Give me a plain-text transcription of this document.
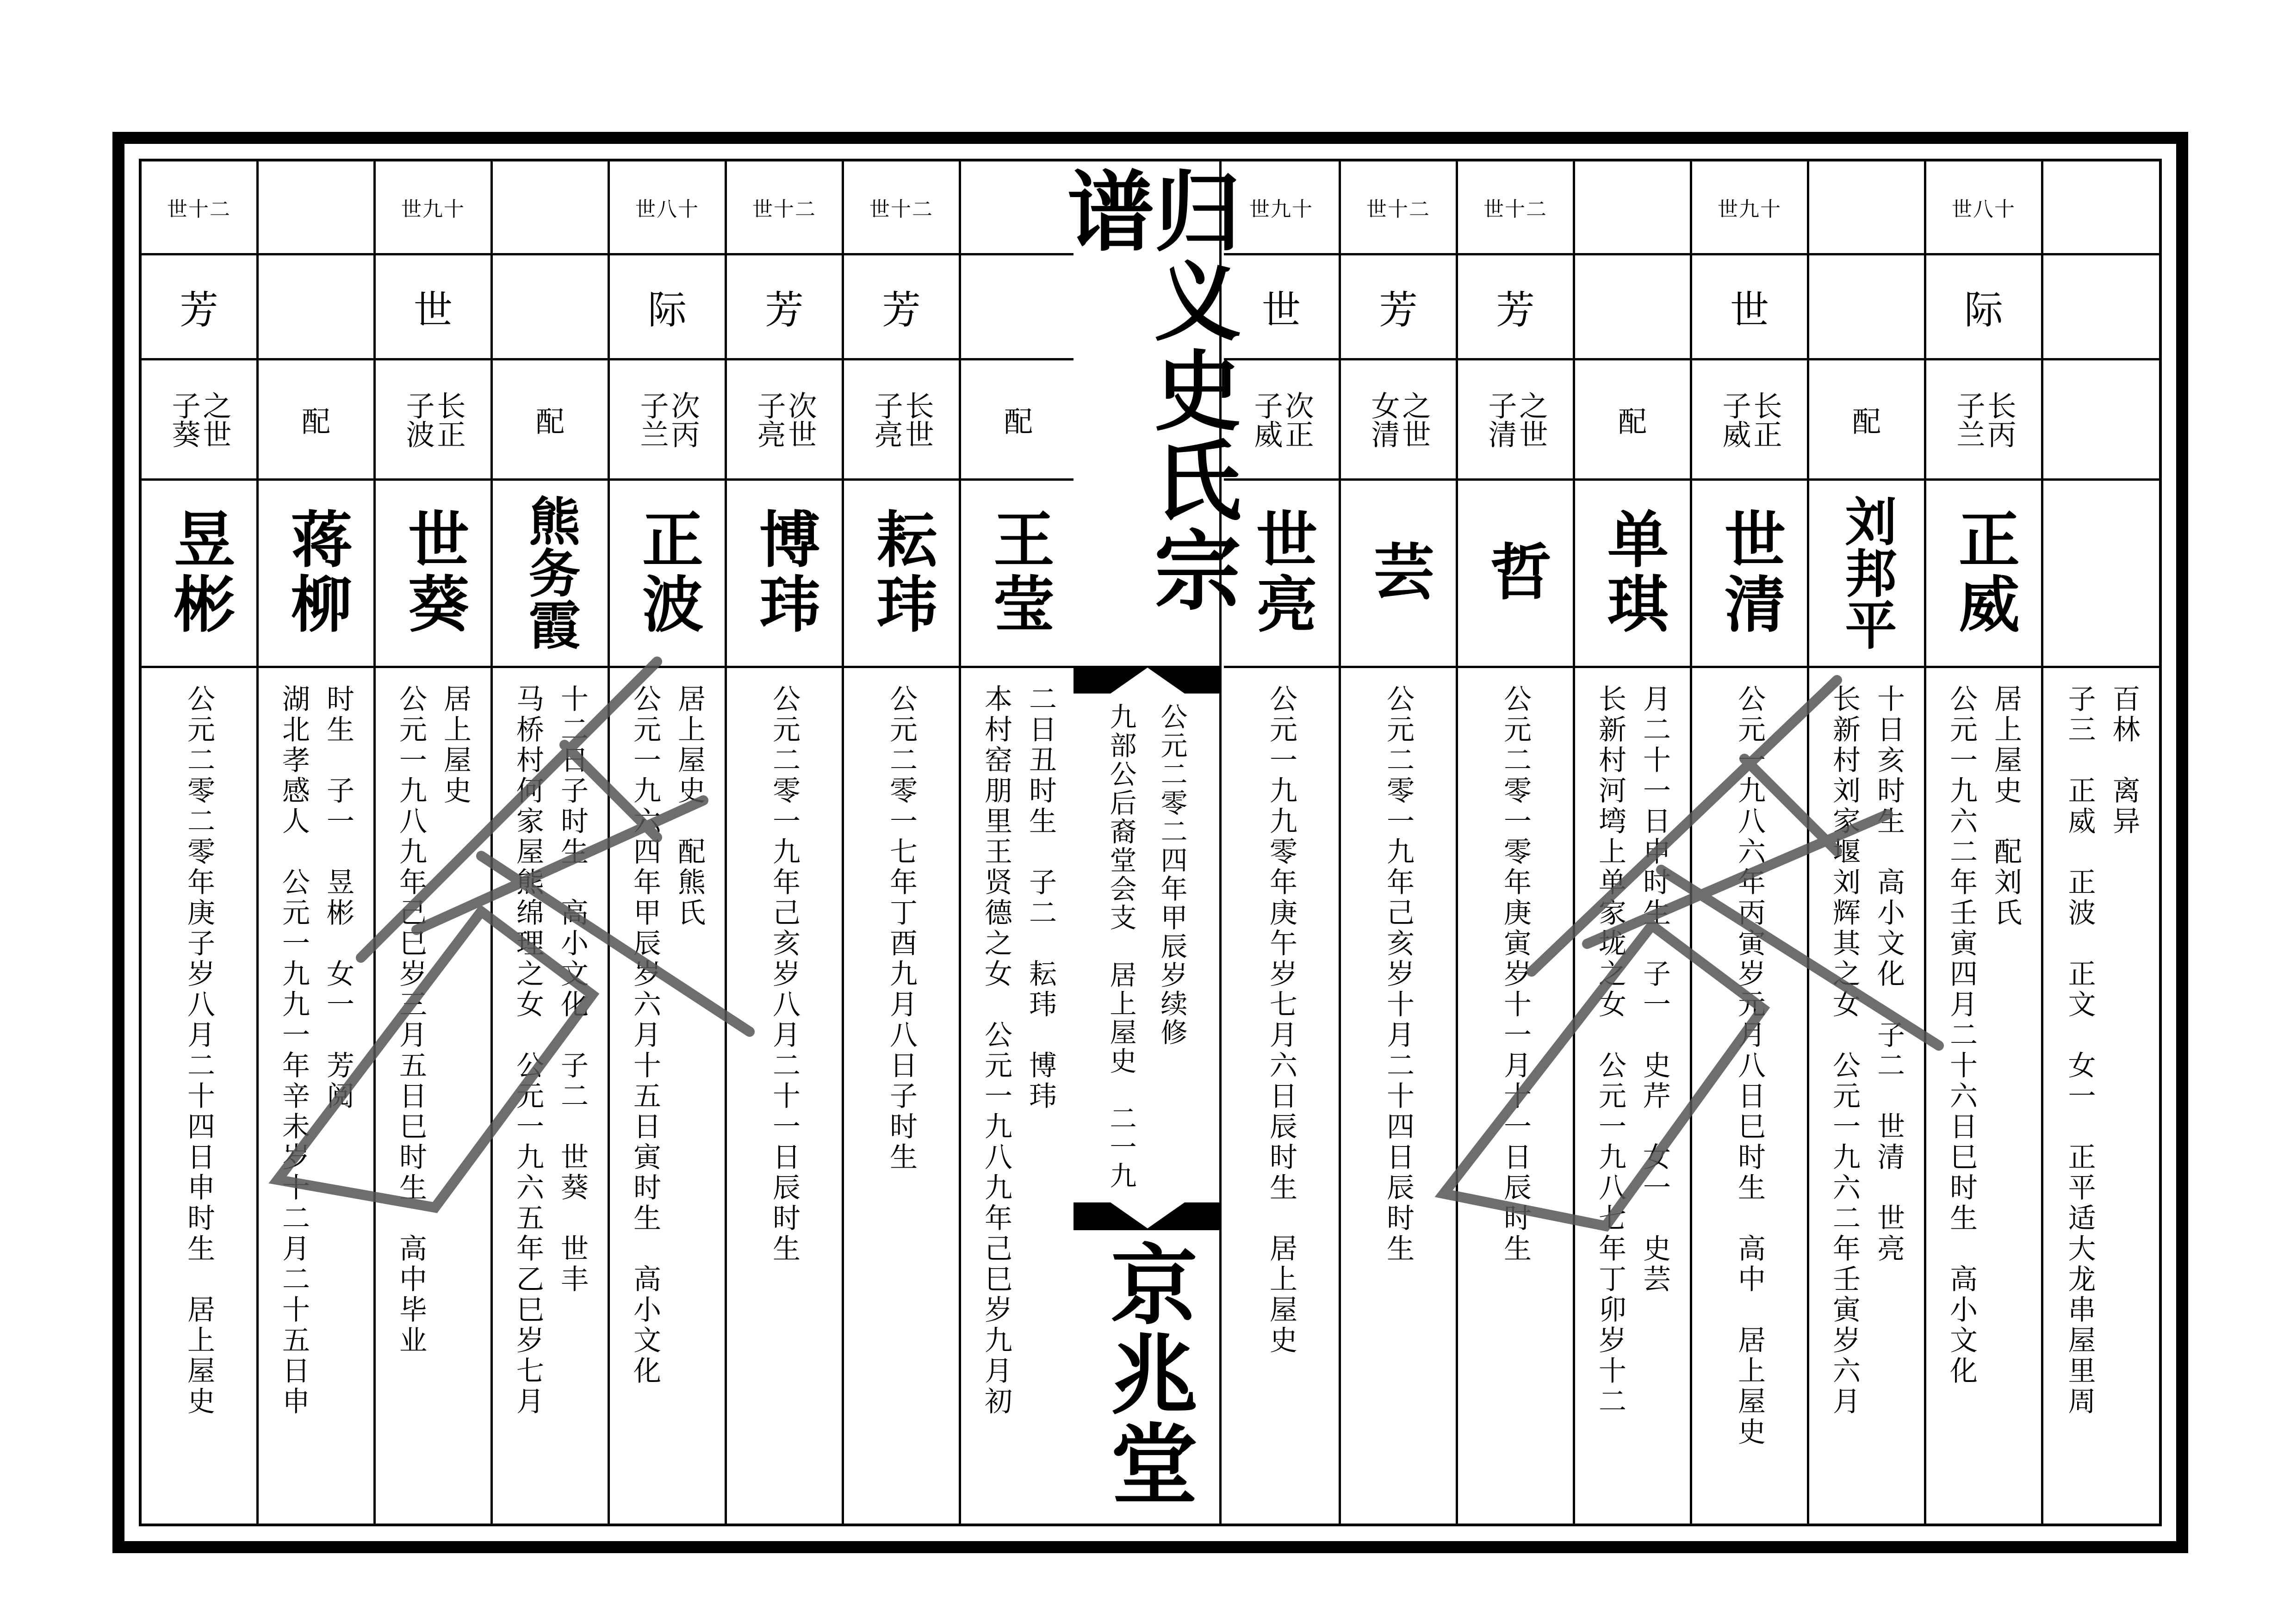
世十二
芳
之世
子葵
昱彬
公元二零二零年庚子岁八月二十四日申时生　居上屋史
配
蒋柳
湖北孝感人　公元一九九一年辛未岁十二月二十五日申 时生　子一　昱彬　女一　芳阅
世九十
世
长正
子波
世葵
公元一九八九年己巳岁三月五日巳时生　高中毕业 居上屋史
配
熊务霞
马桥村何家屋熊绵理之女　公元一九六五年乙巳岁七月 十二日子时生　高小文化　子二　世葵　世丰
世八十
际
次丙
子兰
正波
公元一九六四年甲辰岁六月十五日寅时生　高小文化 居上屋史　配熊氏
世十二
芳
次世
子亮
博玮
公元二零一九年己亥岁八月二十一日辰时生
世十二
芳
长世
子亮
耘玮
公元二零一七年丁酉九月八日子时生
配
王莹
本村窑朋里王贤德之女　公元一九八九年己巳岁九月初 二日丑时生　子二　耘玮　博玮
世九十
世
次正
子威
世亮
公元一九九零年庚午岁七月六日辰时生　居上屋史
世十二
芳
之世
女清
芸
公元二零一九年己亥岁十月二十四日辰时生
世十二
芳
之世
子清
哲
公元二零一零年庚寅岁十一月十一日辰时生
配
单琪
长新村河塆上单家垅之女　公元一九八七年丁卯岁十二 月二十一日申时生　子一　史芹　女一　史芸
世九十
世
长正
子威
世清
公元一九八六年丙寅岁元月八日巳时生　高中　居上屋史
配
刘邦平
长新村刘家堰刘辉其之女　公元一九六二年壬寅岁六月 十日亥时生　高小文化　子二　世清　世亮
世八十
际
长丙
子兰
正威
公元一九六二年壬寅四月二十六日巳时生　高小文化 居上屋史　配刘氏 子三　正威　正波　正文　女一　正平适大龙串屋里周 百林　离异
归义史氏宗谱
九部公后裔堂会支　居上屋史　二一九 公元二零二四年甲辰岁续修
京兆堂
